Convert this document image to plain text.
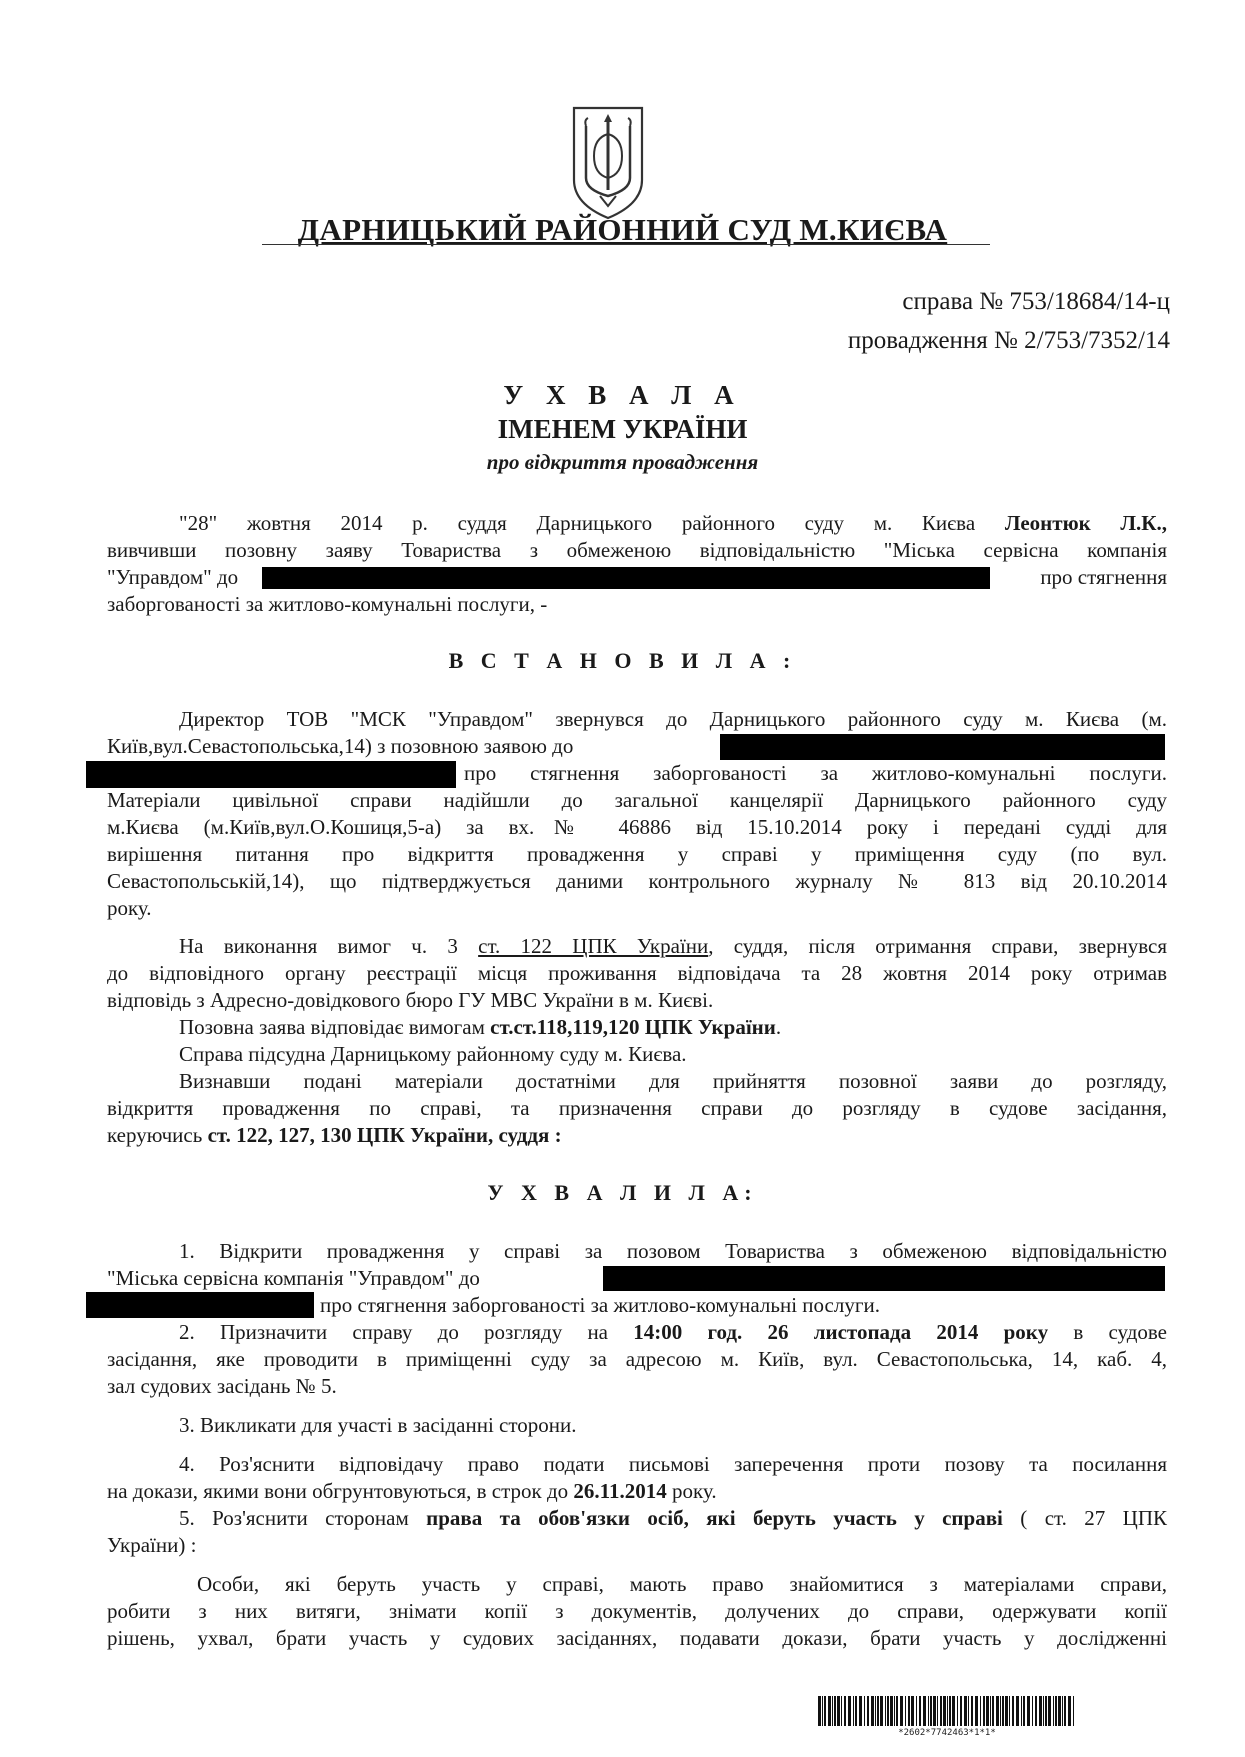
ДАРНИЦЬКИЙ РАЙОННИЙ СУД М.КИЄВА
справа № 753/18684/14-ц
провадження № 2/753/7352/14
У Х В А Л А
ІМЕНЕМ УКРАЇНИ
про відкриття провадження
"28" жовтня 2014 р. суддя Дарницького районного суду м. Києва Леонтюк Л.К.,
вивчивши позовну заяву Товариства з обмеженою відповідальністю "Міська сервісна компанія
"Управдом" до	про стягнення
заборгованості за житлово-комунальні послуги, -
В С Т А Н О В И Л А :
Директор ТОВ "МСК "Управдом" звернувся до Дарницького районного суду м. Києва (м.
Київ,вул.Севастопольська,14) з позовною заявою до
про стягнення заборгованості за житлово-комунальні послуги.
Матеріали цивільної справи надійшли до загальної канцелярії Дарницького районного суду
м.Києва (м.Київ,вул.О.Кошиця,5-а) за вх.№ 46886 від 15.10.2014 року і передані судді для
вирішення питання про відкриття провадження у справі у приміщення суду (по вул.
Севастопольській,14), що підтверджується даними контрольного журналу № 813 від 20.10.2014
року.
На виконання вимог ч. 3 ст. 122 ЦПК України, суддя, після отримання справи, звернувся
до відповідного органу реєстрації місця проживання відповідача та 28 жовтня 2014 року отримав
відповідь з Адресно-довідкового бюро ГУ МВС України в м. Києві.
Позовна заява відповідає вимогам ст.ст.118,119,120 ЦПК України.
Справа підсудна Дарницькому районному суду м. Києва.
Визнавши подані матеріали достатніми для прийняття позовної заяви до розгляду,
відкриття провадження по справі, та призначення справи до розгляду в судове засідання,
керуючись ст. 122, 127, 130 ЦПК України, суддя :
У Х В А Л И Л А:
1. Відкрити провадження у справі за позовом Товариства з обмеженою відповідальністю
"Міська сервісна компанія "Управдом" до
про стягнення заборгованості за житлово-комунальні послуги.
2. Призначити справу до розгляду на 14:00 год. 26 листопада 2014 року в судове
засідання, яке проводити в приміщенні суду за адресою м. Київ, вул. Севастопольська, 14, каб. 4,
зал судових засідань № 5.
3. Викликати для участі в засіданні сторони.
4. Роз'яснити відповідачу право подати письмові заперечення проти позову та посилання
на докази, якими вони обгрунтовуються, в строк до 26.11.2014 року.
5. Роз'яснити сторонам права та обов'язки осіб, які беруть участь у справі ( ст. 27 ЦПК
України) :
Особи, які беруть участь у справі, мають право знайомитися з матеріалами справи,
робити з них витяги, знімати копії з документів, долучених до справи, одержувати копії
рішень, ухвал, брати участь у судових засіданнях, подавати докази, брати участь у дослідженні
*2602*7742463*1*1*
